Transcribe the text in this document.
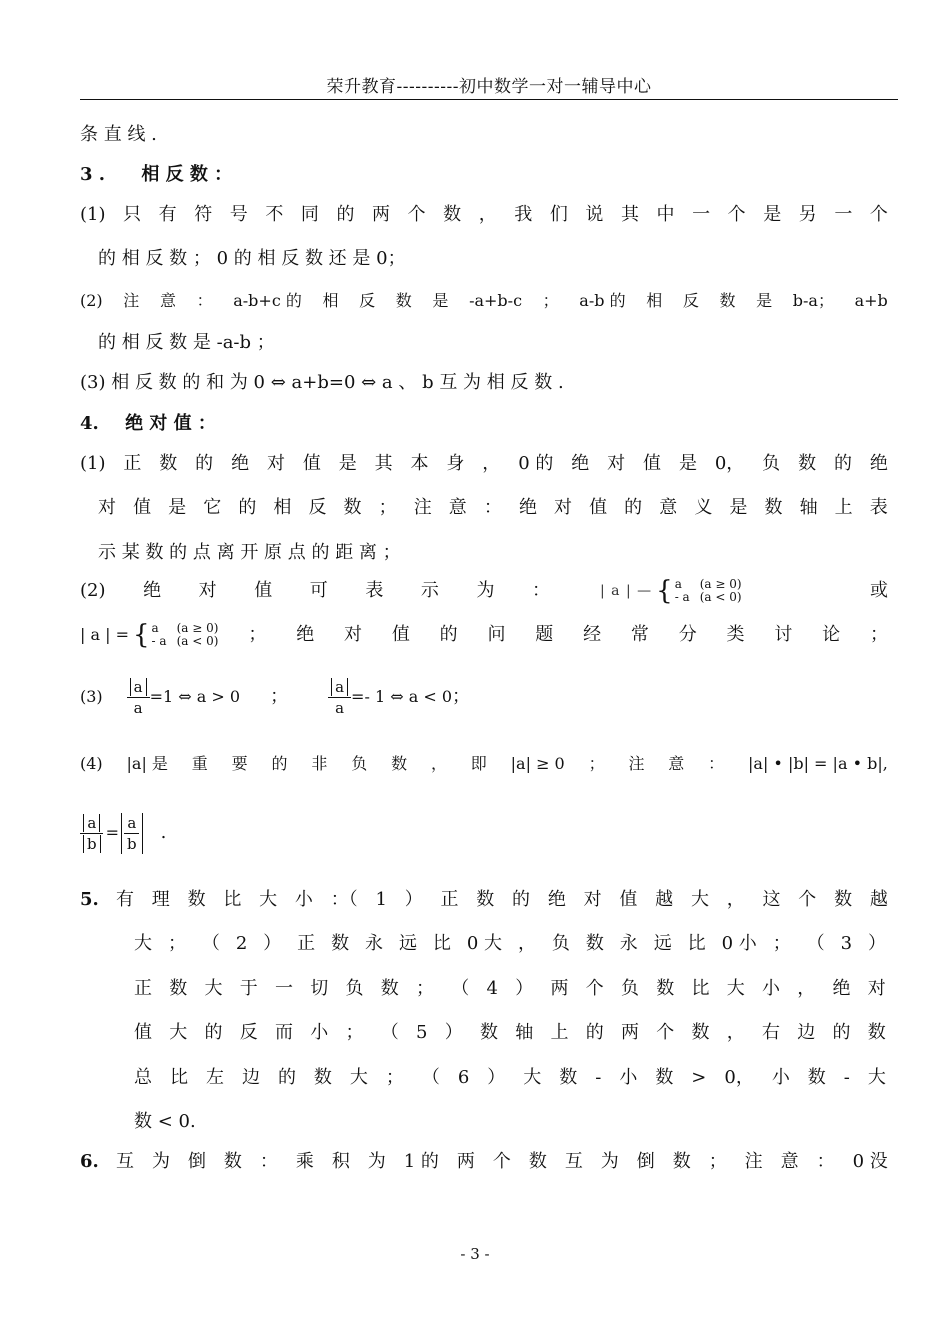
荣升教育----------初中数学一对一辅导中心
条 直 线 .
3 . 相 反 数 ：
(1) 只 有 符 号 不 同 的 两 个 数 ， 我 们 说 其 中 一 个 是 另 一 个
的 相 反 数 ； 0 的 相 反 数 还 是 0；
(2) 注 意 ： a-b+c 的 相 反 数 是 -a+b-c ； a-b 的 相 反 数 是 b-a； a+b
的 相 反 数 是 -a-b ；
(3) 相 反 数 的 和 为 0 ⇔ a+b=0 ⇔ a 、 b 互 为 相 反 数 .
4. 绝 对 值 ：
(1) 正 数 的 绝 对 值 是 其 本 身 ， 0 的 绝 对 值 是 0， 负 数 的 绝
对 值 是 它 的 相 反 数 ； 注 意 ： 绝 对 值 的 意 义 是 数 轴 上 表
示 某 数 的 点 离 开 原 点 的 距 离 ；
(2) 绝 对 值 可 表 示 为 ：	| a | — { a
- a
(a ≥ 0)
(a < 0)	或
| a | = { a
- a
(a ≥ 0)
(a < 0) ； 绝 对 值 的 问 题 经 常 分 类 讨 论 ；
$(3) \frac{a}{a} =1$ ⇔ a > 0 ；	$\frac{a}{a} =- 1$ ⇔ a < 0 ；
(4) |a| 是 重 要 的 非 负 数 ， 即 |a| ≥ 0 ； 注 意 ： |a| • |b| = |a • b|,
$\frac{a}{b} = \frac{a}{b}$ .
5. 有 理 数 比 大 小 ：（ 1 ） 正 数 的 绝 对 值 越 大 ， 这 个 数 越
大 ； （ 2 ） 正 数 永 远 比 0 大 ， 负 数 永 远 比 0 小 ； （ 3 ）
正 数 大 于 一 切 负 数 ； （ 4 ） 两 个 负 数 比 大 小 ， 绝 对
值 大 的 反 而 小 ； （ 5 ） 数 轴 上 的 两 个 数 ， 右 边 的 数
总 比 左 边 的 数 大 ； （ 6 ） 大 数 - 小 数 > 0， 小 数 - 大
数 < 0.
6. 互 为 倒 数 ： 乘 积 为 1 的 两 个 数 互 为 倒 数 ； 注 意 ： 0 没
- 3 -
